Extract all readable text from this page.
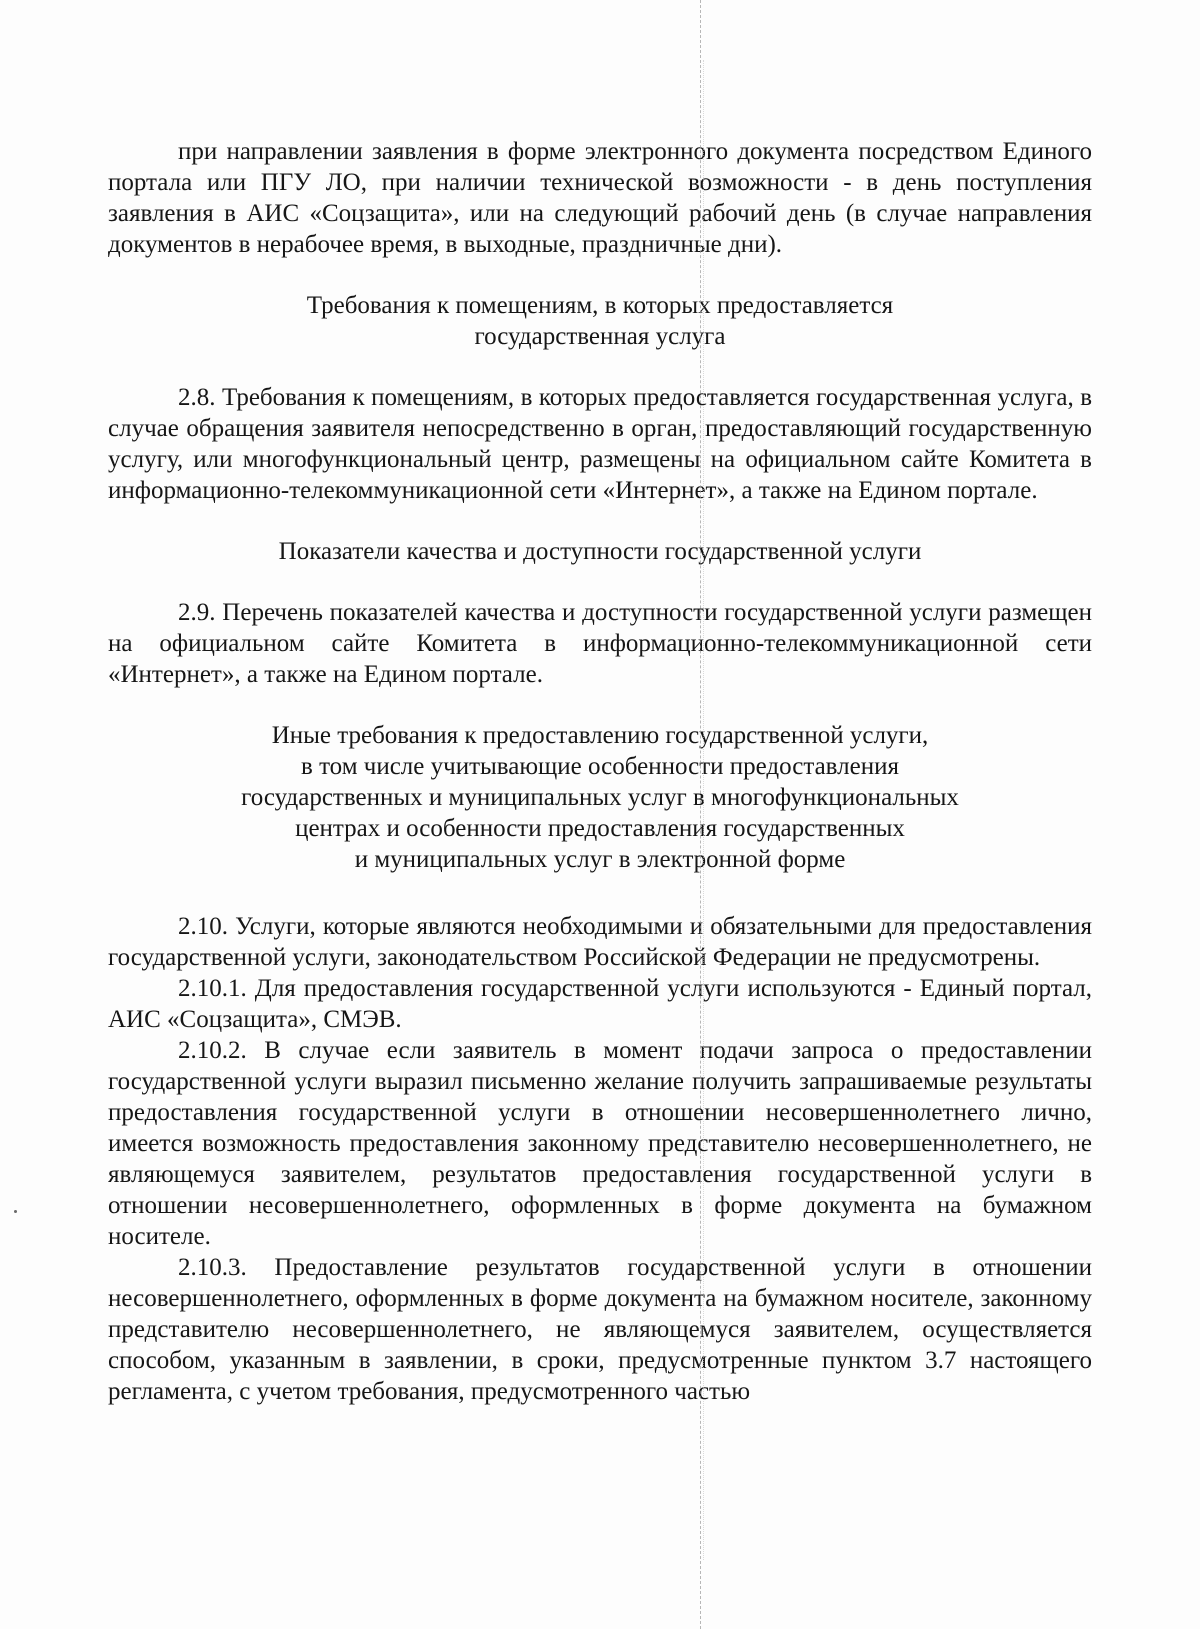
при направлении заявления в форме электронного документа посредством Единого портала или ПГУ ЛО, при наличии технической возможности - в день поступления заявления в АИС «Соцзащита», или на следующий рабочий день (в случае направления документов в нерабочее время, в выходные, праздничные дни).

Требования к помещениям, в которых предоставляется
государственная услуга

2.8. Требования к помещениям, в которых предоставляется государственная услуга, в случае обращения заявителя непосредственно в орган, предоставляющий государственную услугу, или многофункциональный центр, размещены на официальном сайте Комитета в информационно-телекоммуникационной сети «Интернет», а также на Едином портале.

Показатели качества и доступности государственной услуги

2.9. Перечень показателей качества и доступности государственной услуги размещен на официальном сайте Комитета в информационно-телекоммуникационной сети «Интернет», а также на Едином портале.

Иные требования к предоставлению государственной услуги,
в том числе учитывающие особенности предоставления
государственных и муниципальных услуг в многофункциональных
центрах и особенности предоставления государственных
и муниципальных услуг в электронной форме

2.10. Услуги, которые являются необходимыми и обязательными для предоставления государственной услуги, законодательством Российской Федерации не предусмотрены.

2.10.1. Для предоставления государственной услуги используются - Единый портал, АИС «Соцзащита», СМЭВ.

2.10.2. В случае если заявитель в момент подачи запроса о предоставлении государственной услуги выразил письменно желание получить запрашиваемые результаты предоставления государственной услуги в отношении несовершеннолетнего лично, имеется возможность предоставления законному представителю несовершеннолетнего, не являющемуся заявителем, результатов предоставления государственной услуги в отношении несовершеннолетнего, оформленных в форме документа на бумажном носителе.

2.10.3. Предоставление результатов государственной услуги в отношении несовершеннолетнего, оформленных в форме документа на бумажном носителе, законному представителю несовершеннолетнего, не являющемуся заявителем, осуществляется способом, указанным в заявлении, в сроки, предусмотренные пунктом 3.7 настоящего регламента, с учетом требования, предусмотренного частью
